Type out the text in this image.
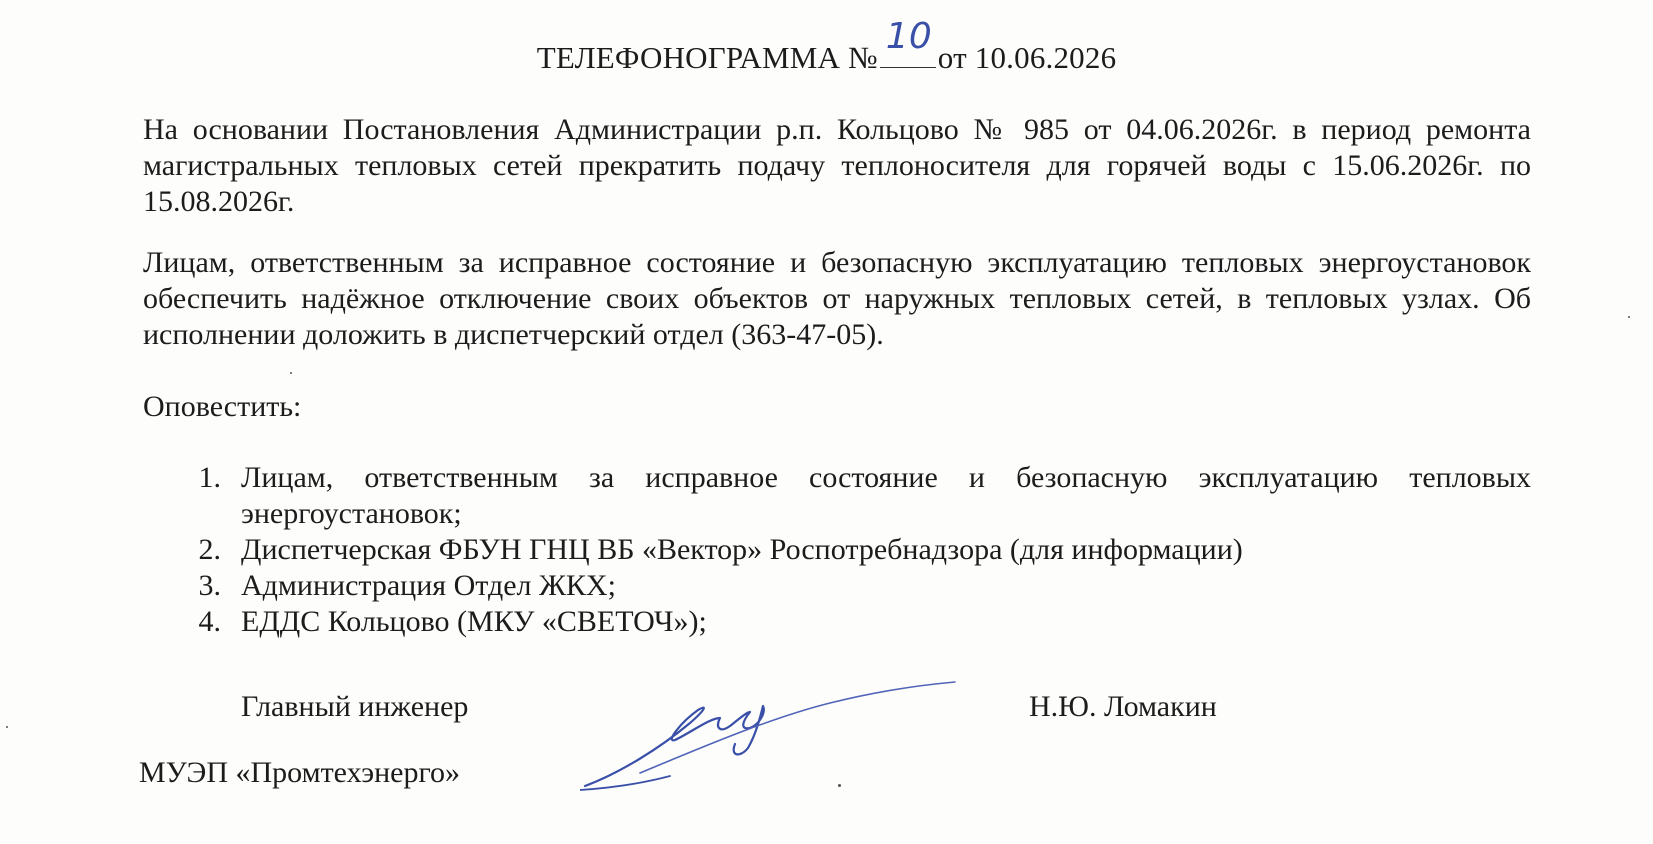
ТЕЛЕФОНОГРАММА №
10
от 10.06.2026
На основании Постановления Администрации р.п. Кольцово № 985 от 04.06.2026г. в период ремонта магистральных тепловых сетей прекратить подачу теплоносителя для горячей воды с 15.06.2026г. по 15.08.2026г.
Лицам, ответственным за исправное состояние и безопасную эксплуатацию тепловых энергоустановок обеспечить надёжное отключение своих объектов от наружных тепловых сетей, в тепловых узлах. Об исполнении доложить в диспетчерский отдел (363-47-05).
Оповестить:
1. Лицам, ответственным за исправное состояние и безопасную эксплуатацию тепловых энергоустановок;
2. Диспетчерская ФБУН ГНЦ ВБ «Вектор» Роспотребнадзора (для информации)
3. Администрация Отдел ЖКХ;
4. ЕДДС Кольцово (МКУ «СВЕТОЧ»);
Главный инженер
МУЭП «Промтехэнерго»
Н.Ю. Ломакин
